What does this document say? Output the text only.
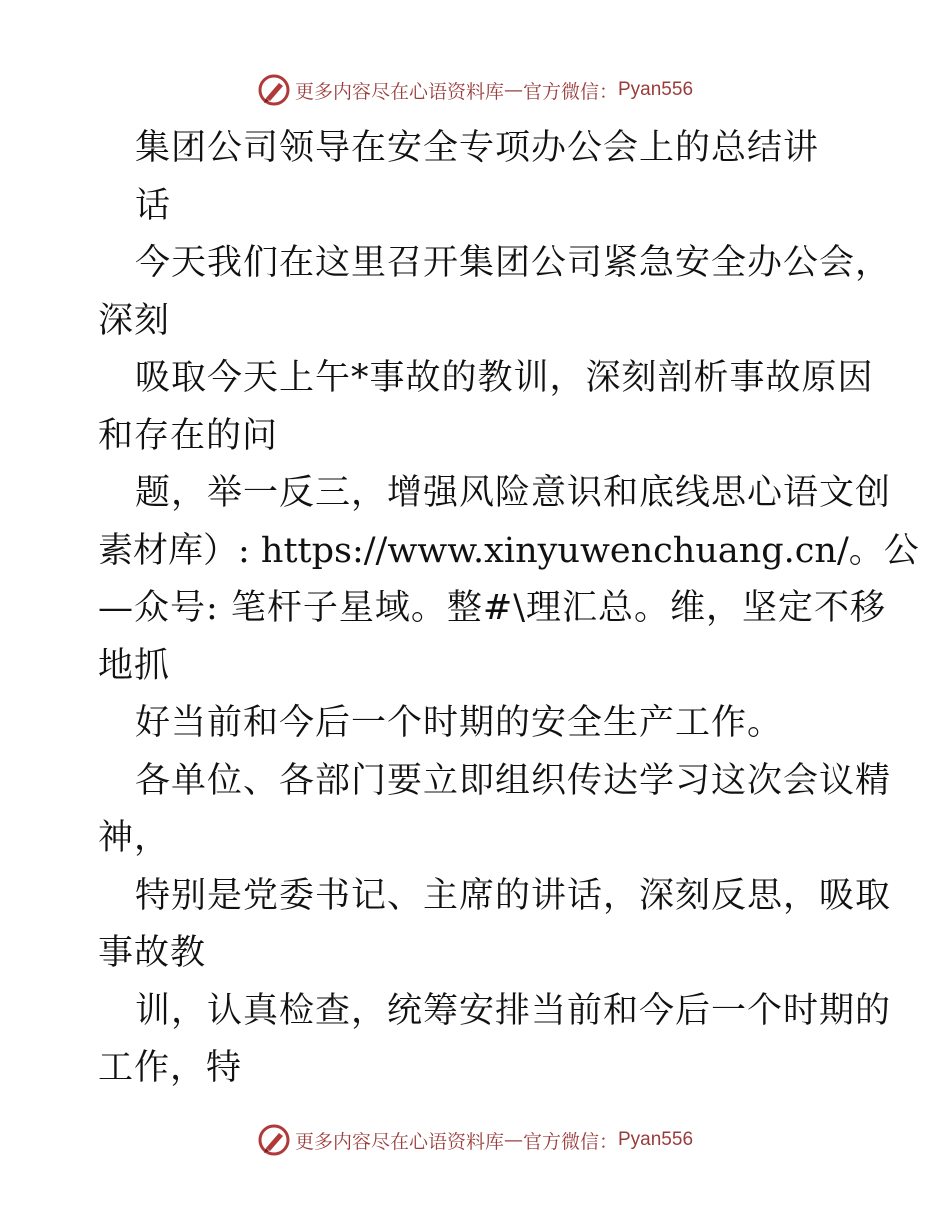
更多内容尽在心语资料库 — 官方微信： Pyan556
集团公司领导在安全专项办公会上的总结讲
话
今天我们在这里召开集团公司紧急安全办公会，
深刻
吸取今天上午*事故的教训，深刻剖析事故原因
和存在的问
题，举一反三，增强风险意识和底线思心语文创
素材库）: https://www.xinyuwenchuang.cn/。公
—众号: 笔杆子星域。整#\理汇总。维，坚定不移
地抓
好当前和今后一个时期的安全生产工作。
各单位、各部门要立即组织传达学习这次会议精
神，
特别是党委书记、主席的讲话，深刻反思，吸取
事故教
训，认真检查，统筹安排当前和今后一个时期的
工作，特
更多内容尽在心语资料库 — 官方微信： Pyan556
